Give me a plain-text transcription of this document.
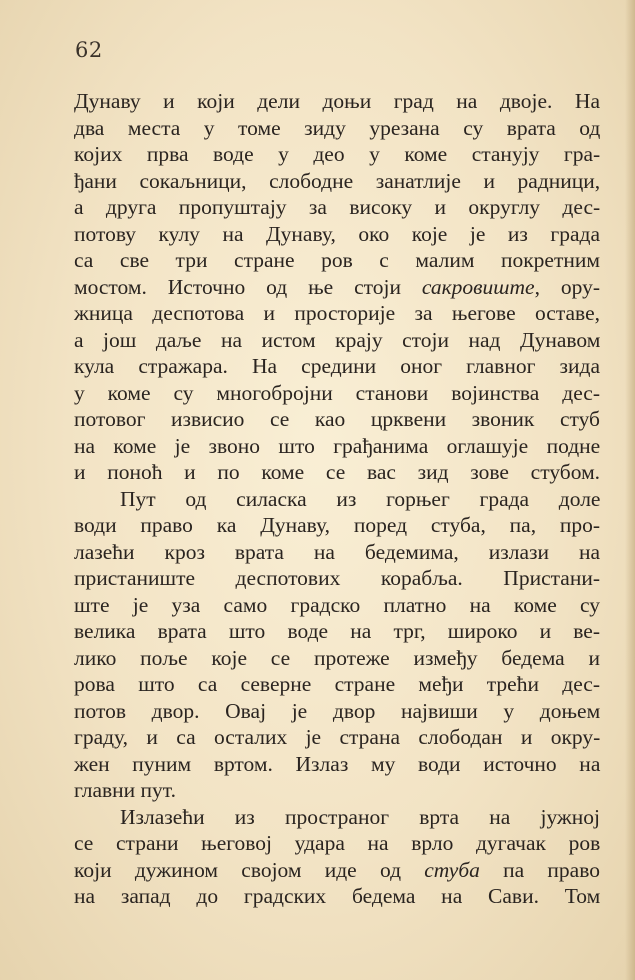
62

Дунаву и који дели доњи град на двоје. На
два места у томе зиду урезана су врата од
којих прва воде у део у коме станују гра-
ђани сокаљници, слободне занатлије и радници,
а друга пропуштају за високу и округлу дес-
потову кулу на Дунаву, око које је из града
са све три стране ров с малим покретним
мостом. Источно од ње стоји сакровиште, ору-
жница деспотова и просторије за његове оставе,
а још даље на истом крају стоји над Дунавом
кула стражара. На средини оног главног зида
у коме су многобројни станови војинства дес-
потовог извисио се као црквени звоник стуб
на коме је звоно што грађанима оглашује подне
и поноћ и по коме се вас зид зове стубом.

Пут од силаска из горњег града доле
води право ка Дунаву, поред стуба, па, про-
лазећи кроз врата на бедемима, излази на
пристаниште деспотових корабља. Пристани-
ште је уза само градско платно на коме су
велика врата што воде на трг, широко и ве-
лико поље које се протеже између бедема и
рова што са северне стране међи трећи дес-
потов двор. Овај је двор највиши у доњем
граду, и са осталих је страна слободан и окру-
жен пуним вртом. Излаз му води источно на
главни пут.

Излазећи из пространог врта на јужној
се страни његовој удара на врло дугачак ров
који дужином својом иде од стуба па право
на запад до градских бедема на Сави. Том
